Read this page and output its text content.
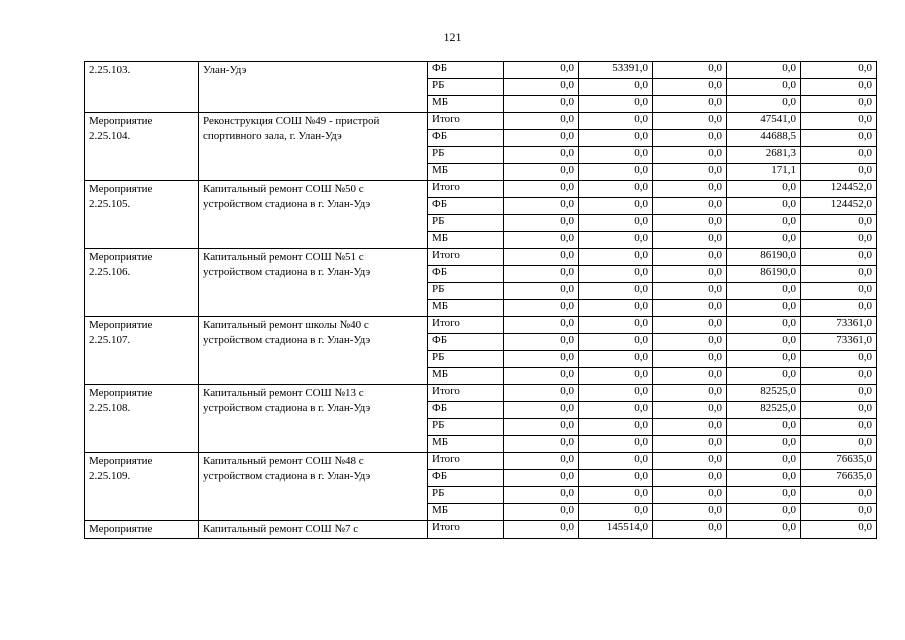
121
2.25.103.	Улан-Удэ	ФБ	0,0	53391,0	0,0	0,0	0,0
		РБ	0,0	0,0	0,0	0,0	0,0
		МБ	0,0	0,0	0,0	0,0	0,0
Мероприятие 2.25.104.	Реконструкция СОШ №49 - пристрой спортивного зала, г. Улан-Удэ	Итого	0,0	0,0	0,0	47541,0	0,0
		ФБ	0,0	0,0	0,0	44688,5	0,0
		РБ	0,0	0,0	0,0	2681,3	0,0
		МБ	0,0	0,0	0,0	171,1	0,0
Мероприятие 2.25.105.	Капитальный ремонт СОШ №50 с устройством стадиона в г. Улан-Удэ	Итого	0,0	0,0	0,0	0,0	124452,0
		ФБ	0,0	0,0	0,0	0,0	124452,0
		РБ	0,0	0,0	0,0	0,0	0,0
		МБ	0,0	0,0	0,0	0,0	0,0
Мероприятие 2.25.106.	Капитальный ремонт СОШ №51 с устройством стадиона в г. Улан-Удэ	Итого	0,0	0,0	0,0	86190,0	0,0
		ФБ	0,0	0,0	0,0	86190,0	0,0
		РБ	0,0	0,0	0,0	0,0	0,0
		МБ	0,0	0,0	0,0	0,0	0,0
Мероприятие 2.25.107.	Капитальный ремонт школы №40 с устройством стадиона в г. Улан-Удэ	Итого	0,0	0,0	0,0	0,0	73361,0
		ФБ	0,0	0,0	0,0	0,0	73361,0
		РБ	0,0	0,0	0,0	0,0	0,0
		МБ	0,0	0,0	0,0	0,0	0,0
Мероприятие 2.25.108.	Капитальный ремонт СОШ №13 с устройством стадиона в г. Улан-Удэ	Итого	0,0	0,0	0,0	82525,0	0,0
		ФБ	0,0	0,0	0,0	82525,0	0,0
		РБ	0,0	0,0	0,0	0,0	0,0
		МБ	0,0	0,0	0,0	0,0	0,0
Мероприятие 2.25.109.	Капитальный ремонт СОШ №48 с устройством стадиона в г. Улан-Удэ	Итого	0,0	0,0	0,0	0,0	76635,0
		ФБ	0,0	0,0	0,0	0,0	76635,0
		РБ	0,0	0,0	0,0	0,0	0,0
		МБ	0,0	0,0	0,0	0,0	0,0
Мероприятие	Капитальный ремонт СОШ №7 с	Итого	0,0	145514,0	0,0	0,0	0,0
